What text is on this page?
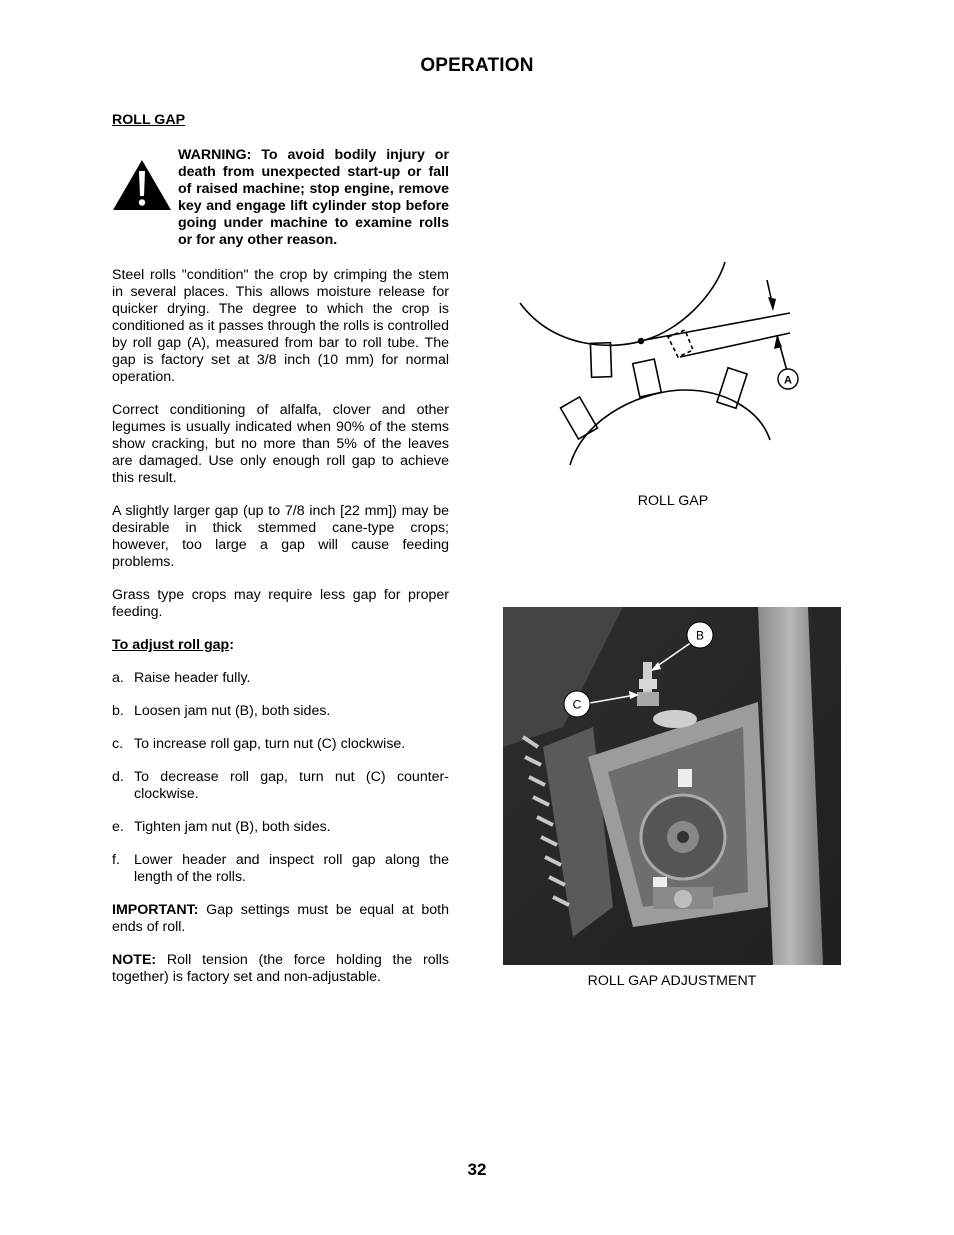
OPERATION
ROLL GAP
WARNING: To avoid bodily injury or death from unexpected start-up or fall of raised machine; stop engine, remove key and engage lift cylinder stop before going under machine to examine rolls or for any other reason.

Steel rolls "condition" the crop by crimping the stem in several places. This allows moisture release for quicker drying. The degree to which the crop is conditioned as it passes through the rolls is controlled by roll gap (A), measured from bar to roll tube. The gap is factory set at 3/8 inch (10 mm) for normal operation.

Correct conditioning of alfalfa, clover and other legumes is usually indicated when 90% of the stems show cracking, but no more than 5% of the leaves are damaged. Use only enough roll gap to achieve this result.

A slightly larger gap (up to 7/8 inch [22 mm]) may be desirable in thick stemmed cane-type crops; however, too large a gap will cause feeding problems.

Grass type crops may require less gap for proper feeding.

To adjust roll gap:
a. Raise header fully.
b. Loosen jam nut (B), both sides.
c. To increase roll gap, turn nut (C) clockwise.
d. To decrease roll gap, turn nut (C) counter-clockwise.
e. Tighten jam nut (B), both sides.
f. Lower header and inspect roll gap along the length of the rolls.

IMPORTANT: Gap settings must be equal at both ends of roll.

NOTE: Roll tension (the force holding the rolls together) is factory set and non-adjustable.

A
ROLL GAP
B
C
ROLL GAP ADJUSTMENT
32
